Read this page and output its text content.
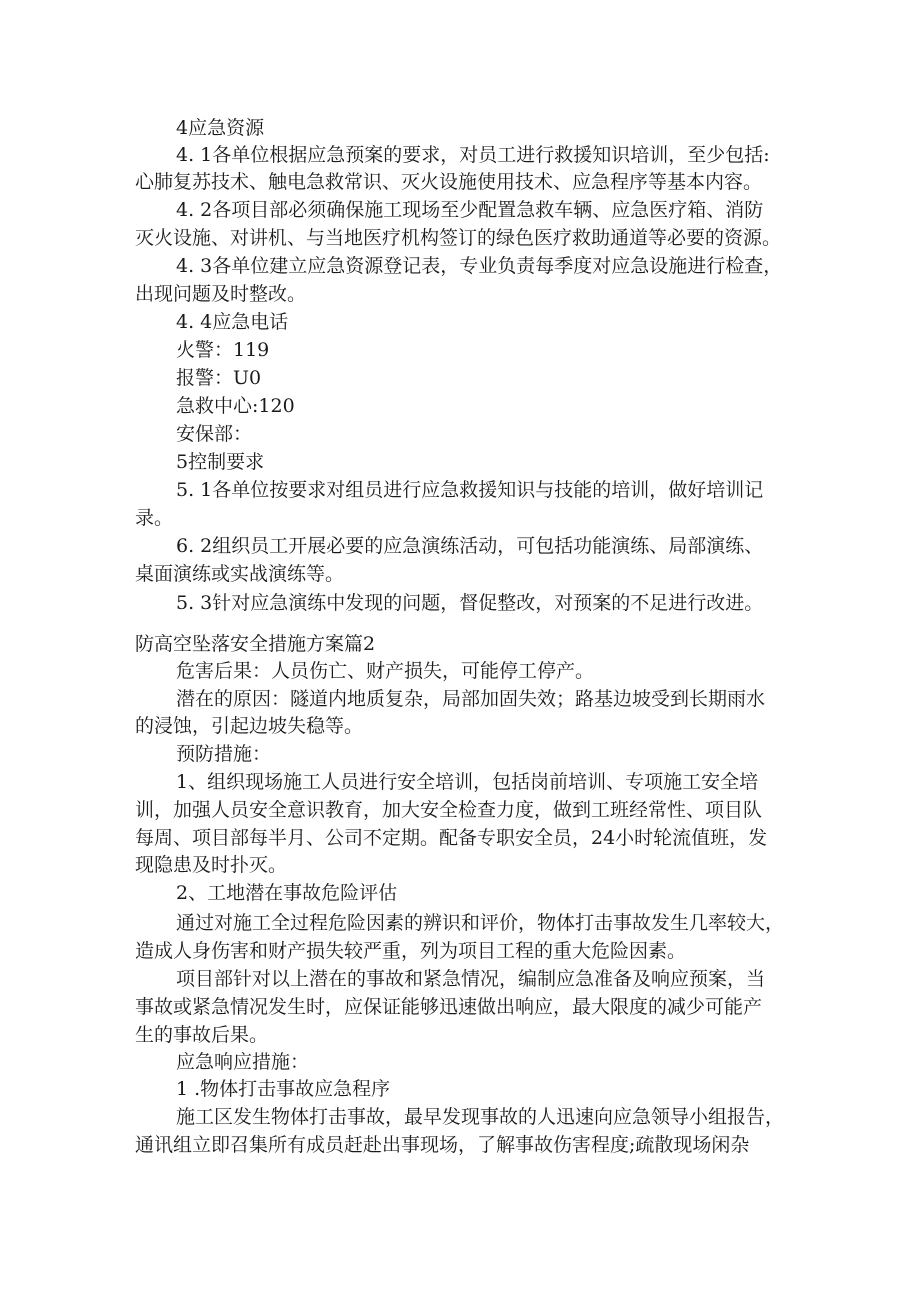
4应急资源
4. 1各单位根据应急预案的要求，对员工进行救援知识培训，至少包括:
心肺复苏技术、触电急救常识、灭火设施使用技术、应急程序等基本内容。
4. 2各项目部必须确保施工现场至少配置急救车辆、应急医疗箱、消防
灭火设施、对讲机、与当地医疗机构签订的绿色医疗救助通道等必要的资源。
4. 3各单位建立应急资源登记表，专业负责每季度对应急设施进行检查，
出现问题及时整改。
4. 4应急电话
火警：119
报警：U0
急救中心:120
安保部：
5控制要求
5. 1各单位按要求对组员进行应急救援知识与技能的培训，做好培训记
录。
6. 2组织员工开展必要的应急演练活动，可包括功能演练、局部演练、
桌面演练或实战演练等。
5. 3针对应急演练中发现的问题，督促整改，对预案的不足进行改进。
防高空坠落安全措施方案篇2
危害后果：人员伤亡、财产损失，可能停工停产。
潜在的原因：隧道内地质复杂，局部加固失效；路基边坡受到长期雨水
的浸蚀，引起边坡失稳等。
预防措施：
1、组织现场施工人员进行安全培训，包括岗前培训、专项施工安全培
训，加强人员安全意识教育，加大安全检查力度，做到工班经常性、项目队
每周、项目部每半月、公司不定期。配备专职安全员，24小时轮流值班，发
现隐患及时扑灭。
2、工地潜在事故危险评估
通过对施工全过程危险因素的辨识和评价，物体打击事故发生几率较大，
造成人身伤害和财产损失较严重，列为项目工程的重大危险因素。
项目部针对以上潜在的事故和紧急情况，编制应急准备及响应预案，当
事故或紧急情况发生时，应保证能够迅速做出响应，最大限度的减少可能产
生的事故后果。
应急响应措施：
1 .物体打击事故应急程序
施工区发生物体打击事故，最早发现事故的人迅速向应急领导小组报告，
通讯组立即召集所有成员赶赴出事现场，了解事故伤害程度;疏散现场闲杂
